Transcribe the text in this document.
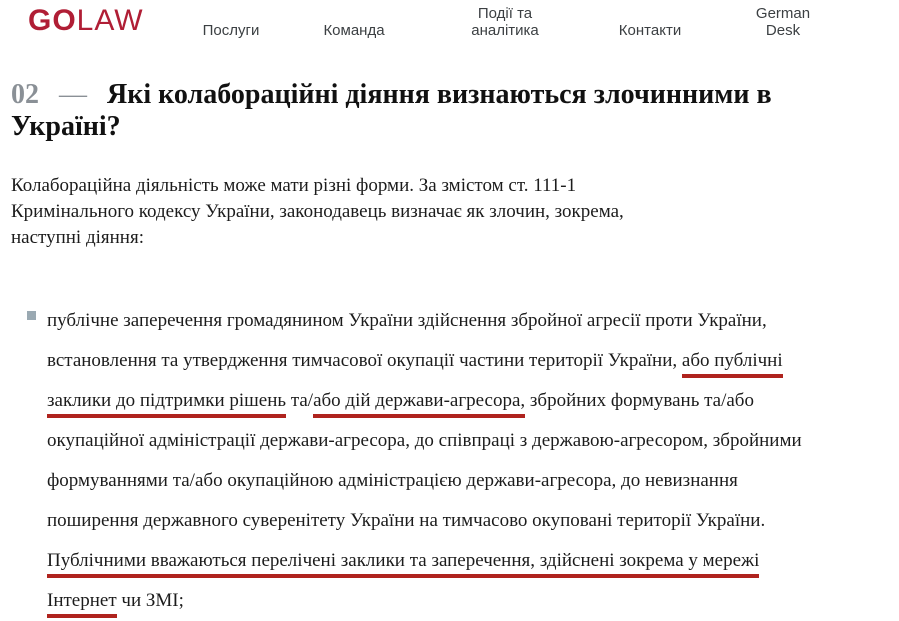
GOLAW	Послуги	Команда
Події та
аналітика	Контакти
German
Desk
02 — Які колабораційні діяння визнаються злочинними в
Україні?
Колабораційна діяльність може мати різні форми. За змістом ст. 111-1
Кримінального кодексу України, законодавець визначає як злочин, зокрема,
наступні діяння:
публічне заперечення громадянином України здійснення збройної агресії проти України,
встановлення та утвердження тимчасової окупації частини території України, або публічні
заклики до підтримки рішень та/або дій держави-агресора, збройних формувань та/або
окупаційної адміністрації держави-агресора, до співпраці з державою-агресором, збройними
формуваннями та/або окупаційною адміністрацією держави-агресора, до невизнання
поширення державного суверенітету України на тимчасово окуповані території України.
Публічними вважаються перелічені заклики та заперечення, здійснені зокрема у мережі
Інтернет чи ЗМІ;
